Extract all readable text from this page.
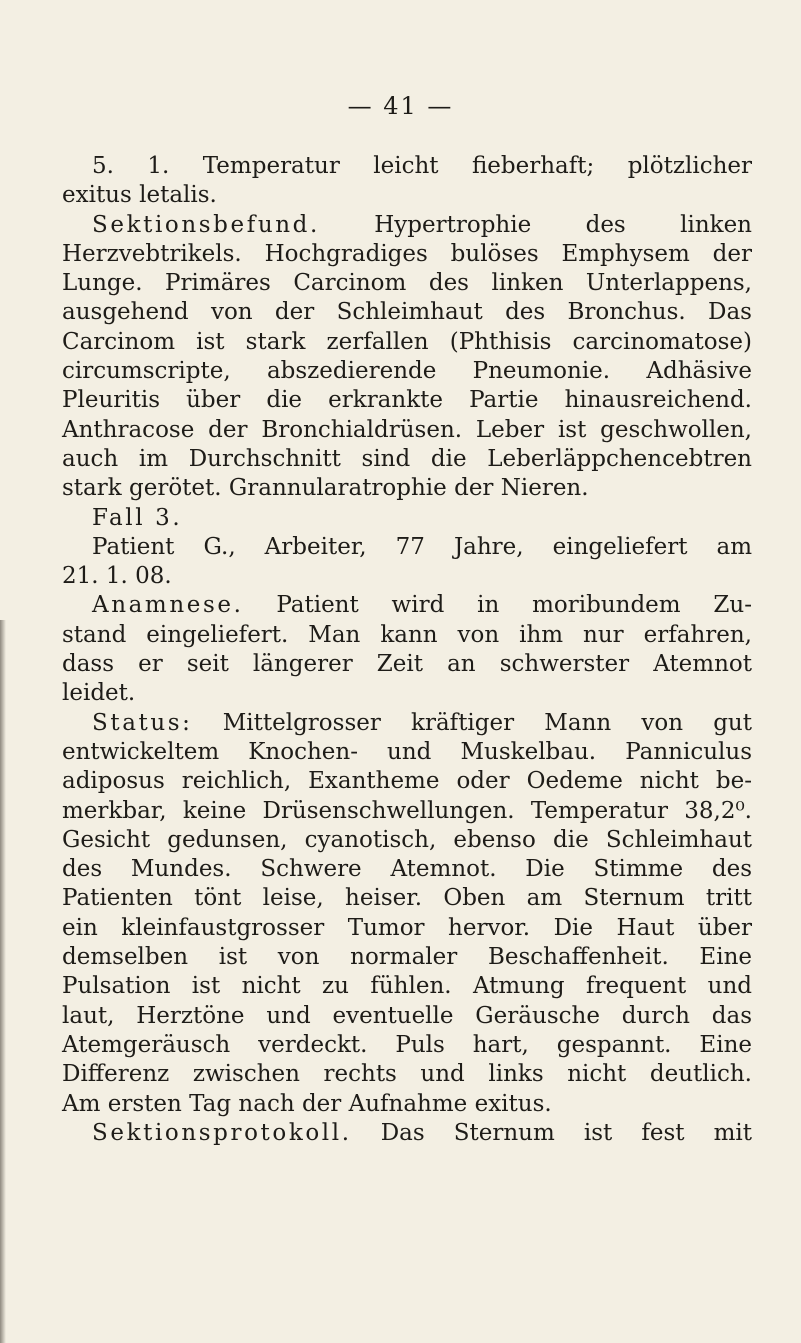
— 41 —
5. 1. Temperatur leicht fieberhaft; plötzlicher
exitus letalis.
Sektionsbefund. Hypertrophie des linken
Herzvebtrikels. Hochgradiges bulöses Emphysem der
Lunge. Primäres Carcinom des linken Unterlappens,
ausgehend von der Schleimhaut des Bronchus. Das
Carcinom ist stark zerfallen (Phthisis carcinomatose)
circumscripte, abszedierende Pneumonie. Adhäsive
Pleuritis über die erkrankte Partie hinausreichend.
Anthracose der Bronchialdrüsen. Leber ist geschwollen,
auch im Durchschnitt sind die Leberläppchencebtren
stark gerötet. Grannularatrophie der Nieren.
Fall 3.
Patient G., Arbeiter, 77 Jahre, eingeliefert am
21. 1. 08.
Anamnese. Patient wird in moribundem Zu-
stand eingeliefert. Man kann von ihm nur erfahren,
dass er seit längerer Zeit an schwerster Atemnot
leidet.
Status: Mittelgrosser kräftiger Mann von gut
entwickeltem Knochen- und Muskelbau. Panniculus
adiposus reichlich, Exantheme oder Oedeme nicht be-
merkbar, keine Drüsenschwellungen. Temperatur 38,2⁰.
Gesicht gedunsen, cyanotisch, ebenso die Schleimhaut
des Mundes. Schwere Atemnot. Die Stimme des
Patienten tönt leise, heiser. Oben am Sternum tritt
ein kleinfaustgrosser Tumor hervor. Die Haut über
demselben ist von normaler Beschaffenheit. Eine
Pulsation ist nicht zu fühlen. Atmung frequent und
laut, Herztöne und eventuelle Geräusche durch das
Atemgeräusch verdeckt. Puls hart, gespannt. Eine
Differenz zwischen rechts und links nicht deutlich.
Am ersten Tag nach der Aufnahme exitus.
Sektionsprotokoll. Das Sternum ist fest mit
